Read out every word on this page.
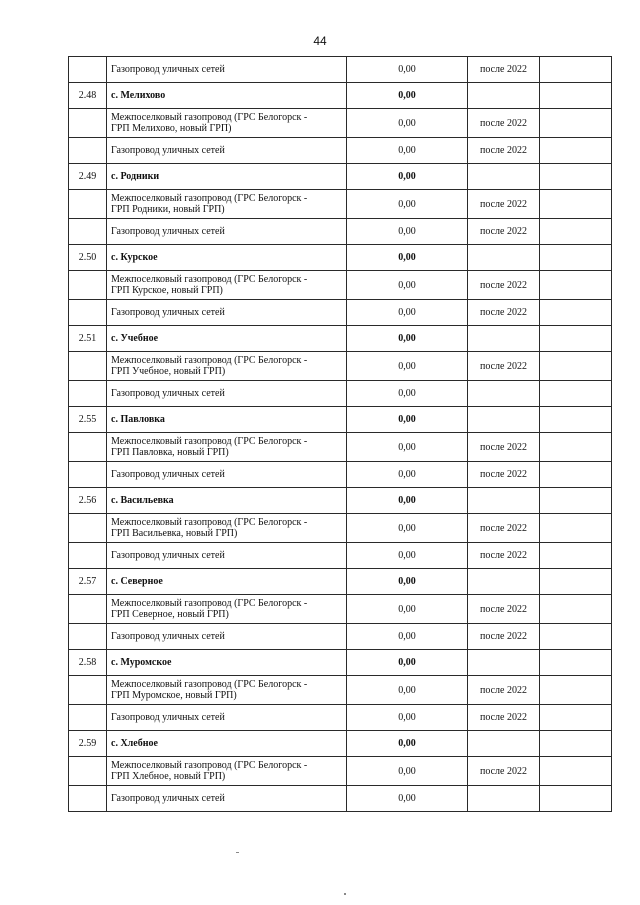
44

	Газопровод уличных сетей	0,00	после 2022	
2.48	с. Мелихово	0,00		

	Межпоселковый газопровод (ГРС Белогорск -
ГРП Мелихово, новый ГРП)	0,00	после 2022	

	Газопровод уличных сетей	0,00	после 2022	
2.49	с. Родники	0,00		

	Межпоселковый газопровод (ГРС Белогорск -
ГРП Родники, новый ГРП)	0,00	после 2022	

	Газопровод уличных сетей	0,00	после 2022	
2.50	с. Курское	0,00		

	Межпоселковый газопровод (ГРС Белогорск -
ГРП Курское, новый ГРП)	0,00	после 2022	

	Газопровод уличных сетей	0,00	после 2022	
2.51	с. Учебное	0,00		

	Межпоселковый газопровод (ГРС Белогорск -
ГРП Учебное, новый ГРП)	0,00	после 2022	

	Газопровод уличных сетей	0,00		
2.55	с. Павловка	0,00		

	Межпоселковый газопровод (ГРС Белогорск -
ГРП Павловка, новый ГРП)	0,00	после 2022	

	Газопровод уличных сетей	0,00	после 2022	
2.56	с. Васильевка	0,00		

	Межпоселковый газопровод (ГРС Белогорск -
ГРП Васильевка, новый ГРП)	0,00	после 2022	

	Газопровод уличных сетей	0,00	после 2022	
2.57	с. Северное	0,00		

	Межпоселковый газопровод (ГРС Белогорск -
ГРП Северное, новый ГРП)	0,00	после 2022	

	Газопровод уличных сетей	0,00	после 2022	
2.58	с. Муромское	0,00		

	Межпоселковый газопровод (ГРС Белогорск -
ГРП Муромское, новый ГРП)	0,00	после 2022	

	Газопровод уличных сетей	0,00	после 2022	
2.59	с. Хлебное	0,00		

	Межпоселковый газопровод (ГРС Белогорск -
ГРП Хлебное, новый ГРП)	0,00	после 2022	

	Газопровод уличных сетей	0,00		
